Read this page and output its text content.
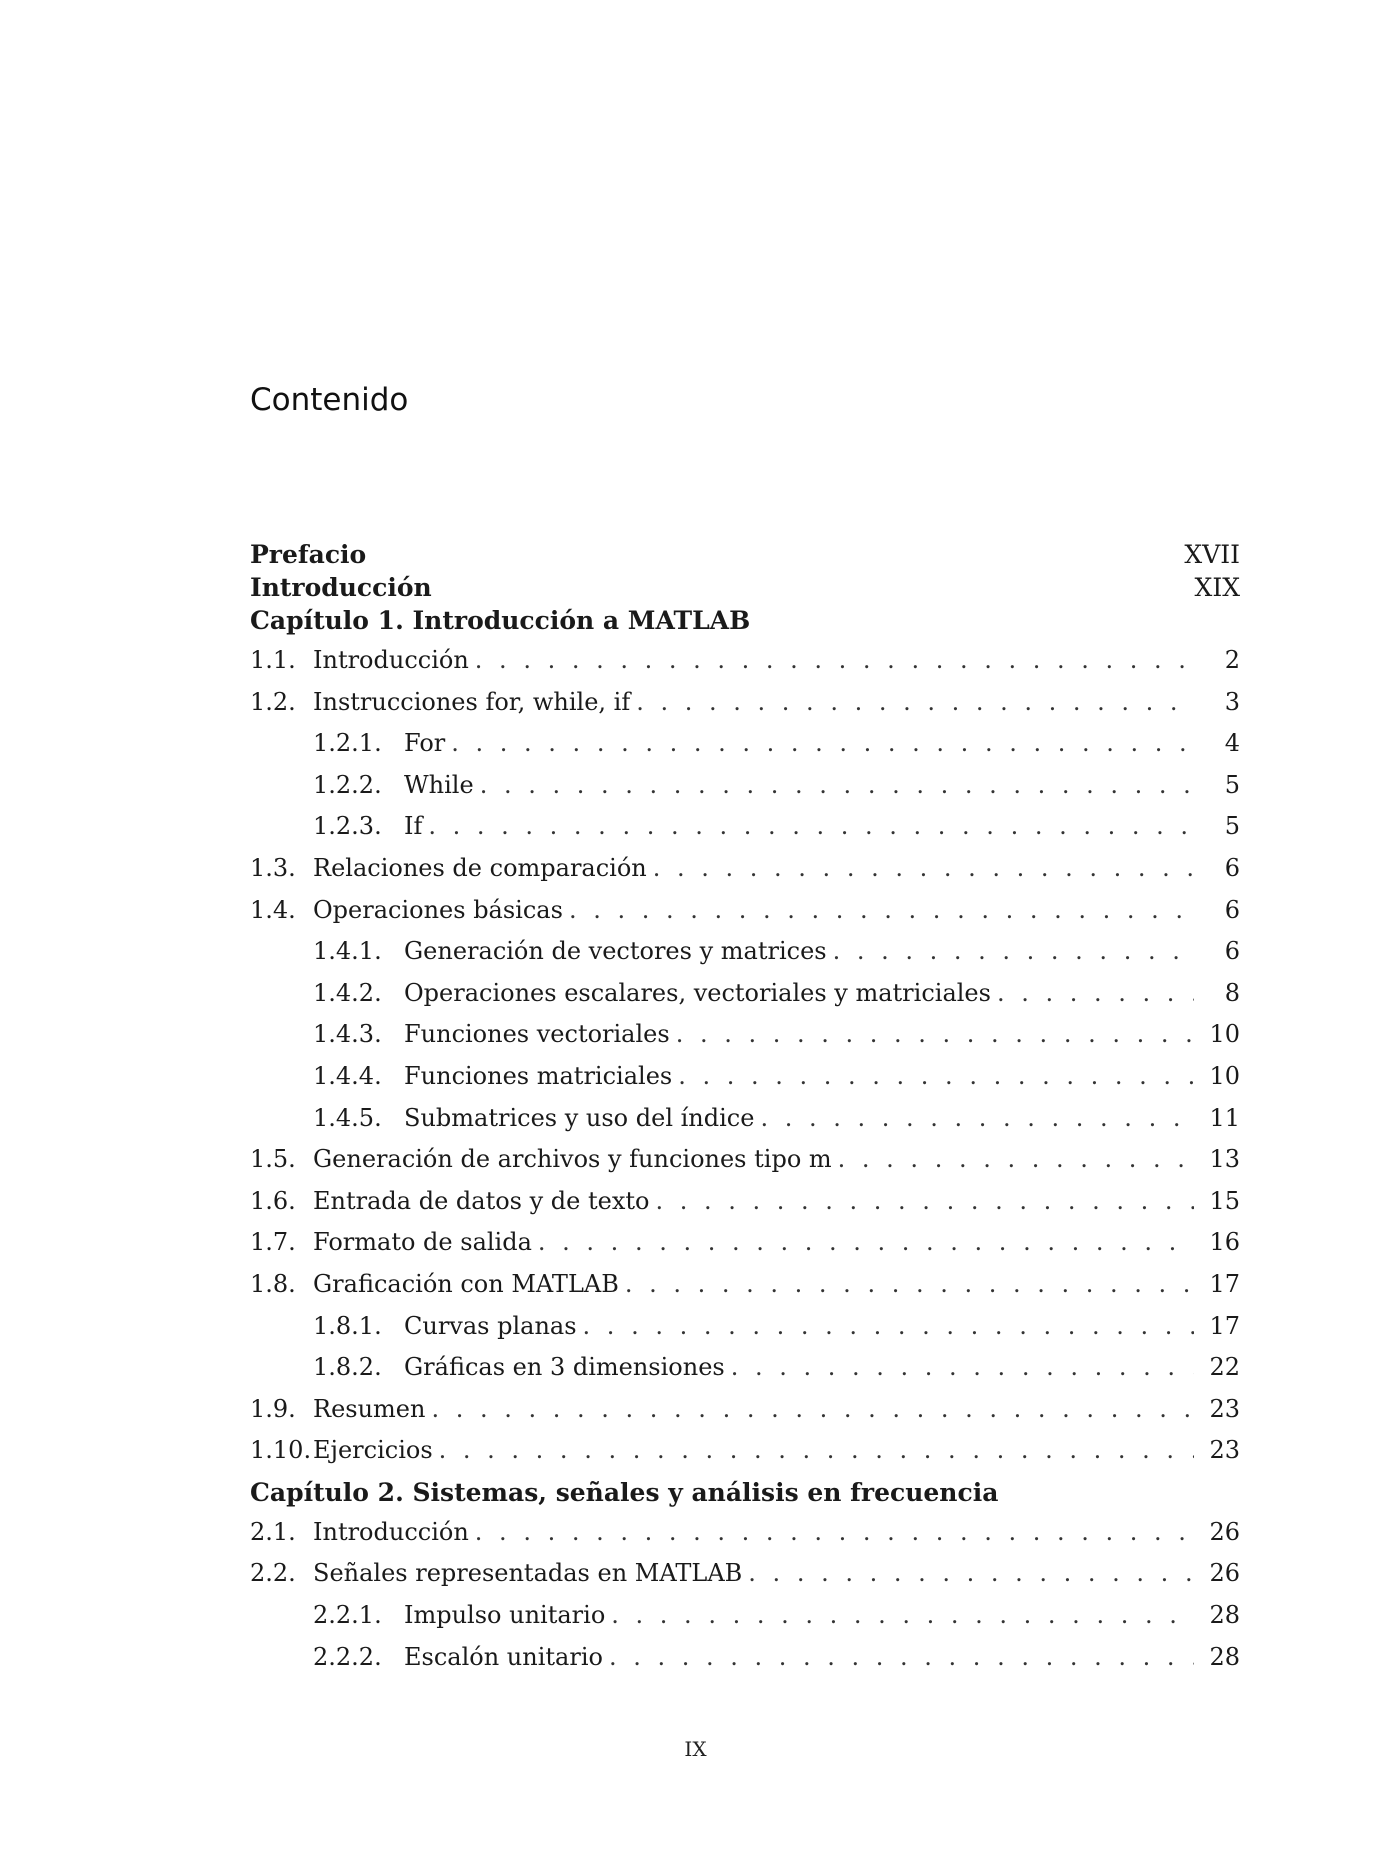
Contenido
Prefacio	XVII
Introducción	XIX
Capítulo 1. Introducción a MATLAB
1.1. Introducción . . .	2
1.2. Instrucciones for, while, if . . .	3
1.2.1. For . . .	4
1.2.2. While . . .	5
1.2.3. If . . .	5
1.3. Relaciones de comparación . . .	6
1.4. Operaciones básicas . . .	6
1.4.1. Generación de vectores y matrices . . .	6
1.4.2. Operaciones escalares, vectoriales y matriciales . . .	8
1.4.3. Funciones vectoriales . . .	10
1.4.4. Funciones matriciales . . .	10
1.4.5. Submatrices y uso del índice . . .	11
1.5. Generación de archivos y funciones tipo m . . .	13
1.6. Entrada de datos y de texto . . .	15
1.7. Formato de salida . . .	16
1.8. Graficación con MATLAB . . .	17
1.8.1. Curvas planas . . .	17
1.8.2. Gráficas en 3 dimensiones . . .	22
1.9. Resumen . . .	23
1.10. Ejercicios . . .	23
Capítulo 2. Sistemas, señales y análisis en frecuencia
2.1. Introducción . . .	26
2.2. Señales representadas en MATLAB . . .	26
2.2.1. Impulso unitario . . .	28
2.2.2. Escalón unitario . . .	28
IX
